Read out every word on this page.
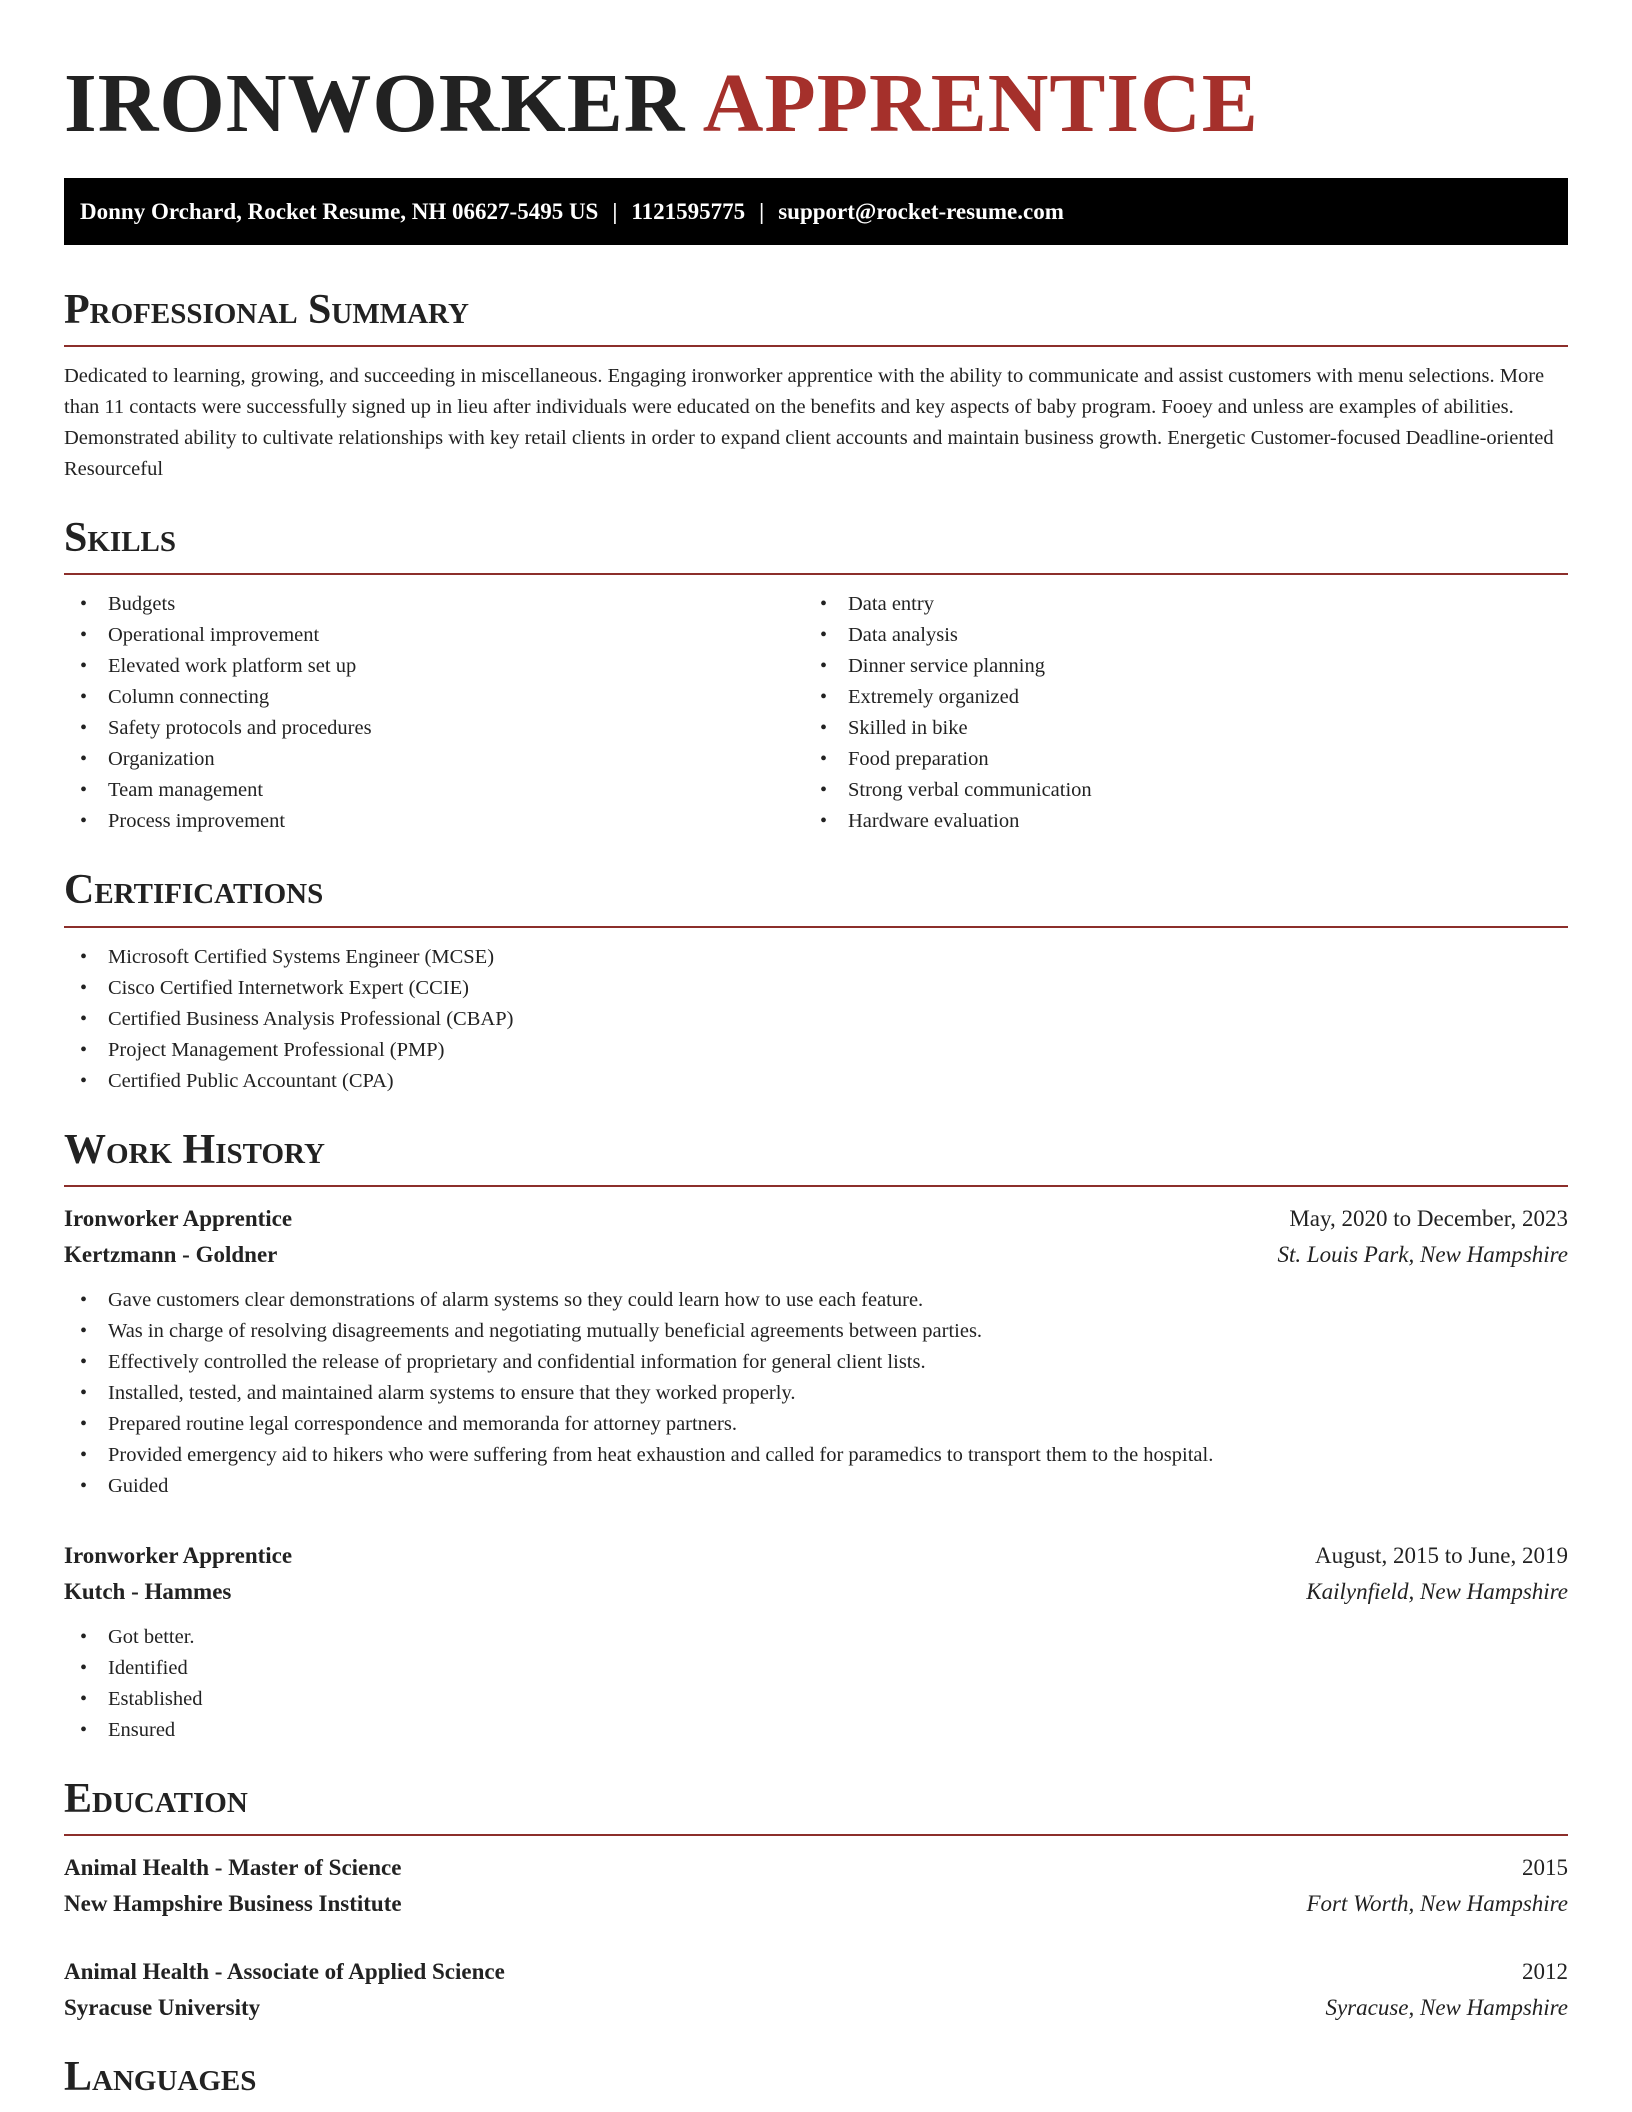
IRONWORKER APPRENTICE
Donny Orchard, Rocket Resume, NH 06627-5495 US | 1121595775 | support@rocket-resume.com
Professional Summary

Dedicated to learning, growing, and succeeding in miscellaneous. Engaging ironworker apprentice with the ability to communicate and assist customers with menu selections. More than 11 contacts were successfully signed up in lieu after individuals were educated on the benefits and key aspects of baby program. Fooey and unless are examples of abilities. Demonstrated ability to cultivate relationships with key retail clients in order to expand client accounts and maintain business growth. Energetic Customer-focused Deadline-oriented Resourceful

Skills
• Budgets
• Operational improvement
• Elevated work platform set up
• Column connecting
• Safety protocols and procedures
• Organization
• Team management
• Process improvement
• Data entry
• Data analysis
• Dinner service planning
• Extremely organized
• Skilled in bike
• Food preparation
• Strong verbal communication
• Hardware evaluation
Certifications
• Microsoft Certified Systems Engineer (MCSE)
• Cisco Certified Internetwork Expert (CCIE)
• Certified Business Analysis Professional (CBAP)
• Project Management Professional (PMP)
• Certified Public Accountant (CPA)
Work History
Ironworker Apprentice	May, 2020 to December, 2023
Kertzmann - Goldner	St. Louis Park, New Hampshire
• Gave customers clear demonstrations of alarm systems so they could learn how to use each feature.
• Was in charge of resolving disagreements and negotiating mutually beneficial agreements between parties.
• Effectively controlled the release of proprietary and confidential information for general client lists.
• Installed, tested, and maintained alarm systems to ensure that they worked properly.
• Prepared routine legal correspondence and memoranda for attorney partners.
• Provided emergency aid to hikers who were suffering from heat exhaustion and called for paramedics to transport them to the hospital.
• Guided
Ironworker Apprentice	August, 2015 to June, 2019
Kutch - Hammes	Kailynfield, New Hampshire
• Got better.
• Identified
• Established
• Ensured
Education
Animal Health - Master of Science	2015
New Hampshire Business Institute	Fort Worth, New Hampshire
Animal Health - Associate of Applied Science	2012
Syracuse University	Syracuse, New Hampshire
Languages
